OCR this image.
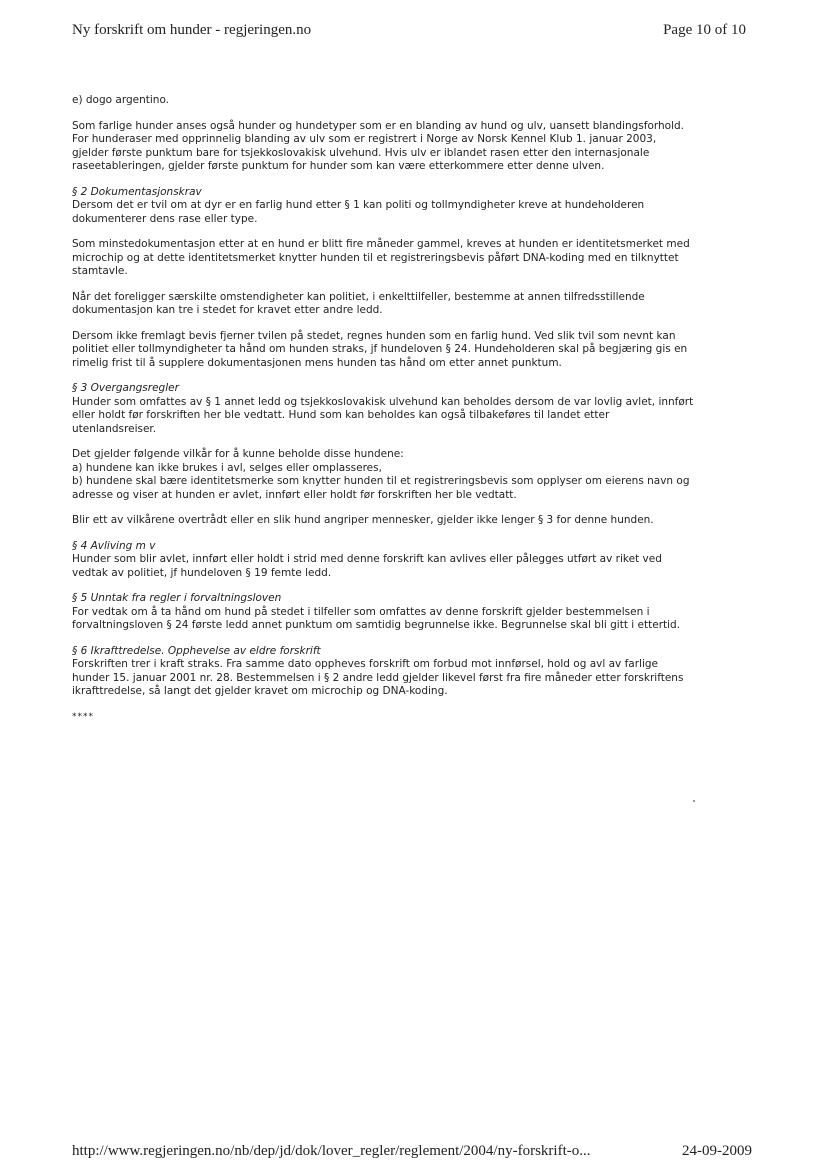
Ny forskrift om hunder - regjeringen.no	Page 10 of 10

e) dogo argentino.

Som farlige hunder anses også hunder og hundetyper som er en blanding av hund og ulv, uansett blandingsforhold.
For hunderaser med opprinnelig blanding av ulv som er registrert i Norge av Norsk Kennel Klub 1. januar 2003,
gjelder første punktum bare for tsjekkoslovakisk ulvehund. Hvis ulv er iblandet rasen etter den internasjonale
raseetableringen, gjelder første punktum for hunder som kan være etterkommere etter denne ulven.

§ 2 Dokumentasjonskrav
Dersom det er tvil om at dyr er en farlig hund etter § 1 kan politi og tollmyndigheter kreve at hundeholderen
dokumenterer dens rase eller type.

Som minstedokumentasjon etter at en hund er blitt fire måneder gammel, kreves at hunden er identitetsmerket med
microchip og at dette identitetsmerket knytter hunden til et registreringsbevis påført DNA-koding med en tilknyttet
stamtavle.

Når det foreligger særskilte omstendigheter kan politiet, i enkelttilfeller, bestemme at annen tilfredsstillende
dokumentasjon kan tre i stedet for kravet etter andre ledd.

Dersom ikke fremlagt bevis fjerner tvilen på stedet, regnes hunden som en farlig hund. Ved slik tvil som nevnt kan
politiet eller tollmyndigheter ta hånd om hunden straks, jf hundeloven § 24. Hundeholderen skal på begjæring gis en
rimelig frist til å supplere dokumentasjonen mens hunden tas hånd om etter annet punktum.

§ 3 Overgangsregler
Hunder som omfattes av § 1 annet ledd og tsjekkoslovakisk ulvehund kan beholdes dersom de var lovlig avlet, innført
eller holdt før forskriften her ble vedtatt. Hund som kan beholdes kan også tilbakeføres til landet etter
utenlandsreiser.

Det gjelder følgende vilkår for å kunne beholde disse hundene:
a) hundene kan ikke brukes i avl, selges eller omplasseres,
b) hundene skal bære identitetsmerke som knytter hunden til et registreringsbevis som opplyser om eierens navn og
adresse og viser at hunden er avlet, innført eller holdt før forskriften her ble vedtatt.

Blir ett av vilkårene overtrådt eller en slik hund angriper mennesker, gjelder ikke lenger § 3 for denne hunden.

§ 4 Avliving m v
Hunder som blir avlet, innført eller holdt i strid med denne forskrift kan avlives eller pålegges utført av riket ved
vedtak av politiet, jf hundeloven § 19 femte ledd.
§ 5 Unntak fra regler i forvaltningsloven
For vedtak om å ta hånd om hund på stedet i tilfeller som omfattes av denne forskrift gjelder bestemmelsen i
forvaltningsloven § 24 første ledd annet punktum om samtidig begrunnelse ikke. Begrunnelse skal bli gitt i ettertid.
§ 6 Ikrafttredelse. Opphevelse av eldre forskrift
Forskriften trer i kraft straks. Fra samme dato oppheves forskrift om forbud mot innførsel, hold og avl av farlige
hunder 15. januar 2001 nr. 28. Bestemmelsen i § 2 andre ledd gjelder likevel først fra fire måneder etter forskriftens
ikrafttredelse, så langt det gjelder kravet om microchip og DNA-koding.
****
http://www.regjeringen.no/nb/dep/jd/dok/lover_regler/reglement/2004/ny-forskrift-o...	24-09-2009
